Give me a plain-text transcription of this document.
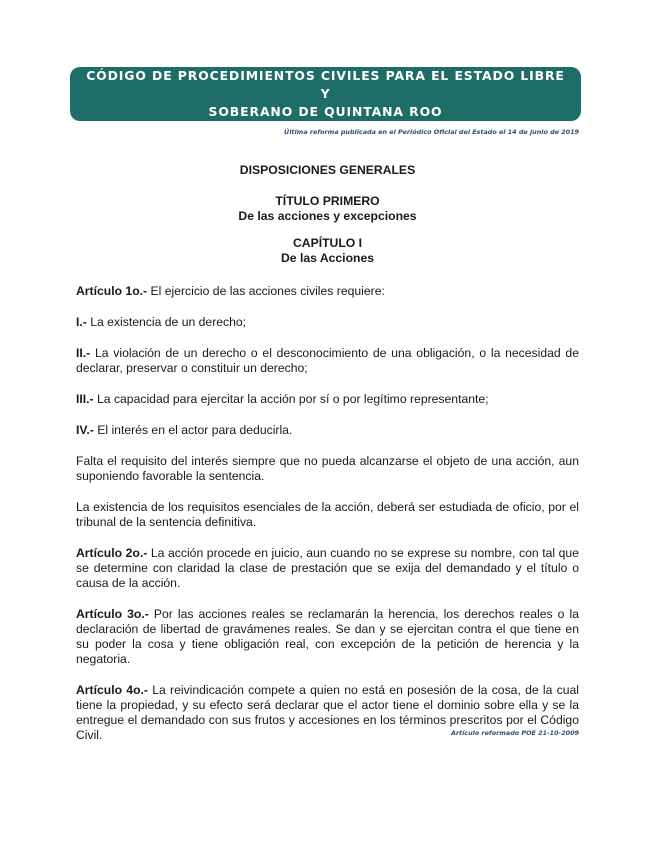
CÓDIGO DE PROCEDIMIENTOS CIVILES PARA EL ESTADO LIBRE Y
SOBERANO DE QUINTANA ROO
Última reforma publicada en el Periódico Oficial del Estado el 14 de junio de 2019

DISPOSICIONES GENERALES

TÍTULO PRIMERO

De las acciones y excepciones

CAPÍTULO I

De las Acciones

Artículo 1o.- El ejercicio de las acciones civiles requiere:

I.- La existencia de un derecho;

II.- La violación de un derecho o el desconocimiento de una obligación, o la necesidad de declarar, preservar o constituir un derecho;

III.- La capacidad para ejercitar la acción por sí o por legítimo representante;

IV.- El interés en el actor para deducirla.

Falta el requisito del interés siempre que no pueda alcanzarse el objeto de una acción, aun suponiendo favorable la sentencia.

La existencia de los requisitos esenciales de la acción, deberá ser estudiada de oficio, por el tribunal de la sentencia definitiva.

Artículo 2o.- La acción procede en juicio, aun cuando no se exprese su nombre, con tal que se determine con claridad la clase de prestación que se exija del demandado y el título o causa de la acción.

Artículo 3o.- Por las acciones reales se reclamarán la herencia, los derechos reales o la declaración de libertad de gravámenes reales. Se dan y se ejercitan contra el que tiene en su poder la cosa y tiene obligación real, con excepción de la petición de herencia y la negatoria.

Artículo 4o.- La reivindicación compete a quien no está en posesión de la cosa, de la cual tiene la propiedad, y su efecto será declarar que el actor tiene el dominio sobre ella y se la entregue el demandado con sus frutos y accesiones en los términos prescritos por el Código Civil.	Artículo reformado POE 21-10-2009
